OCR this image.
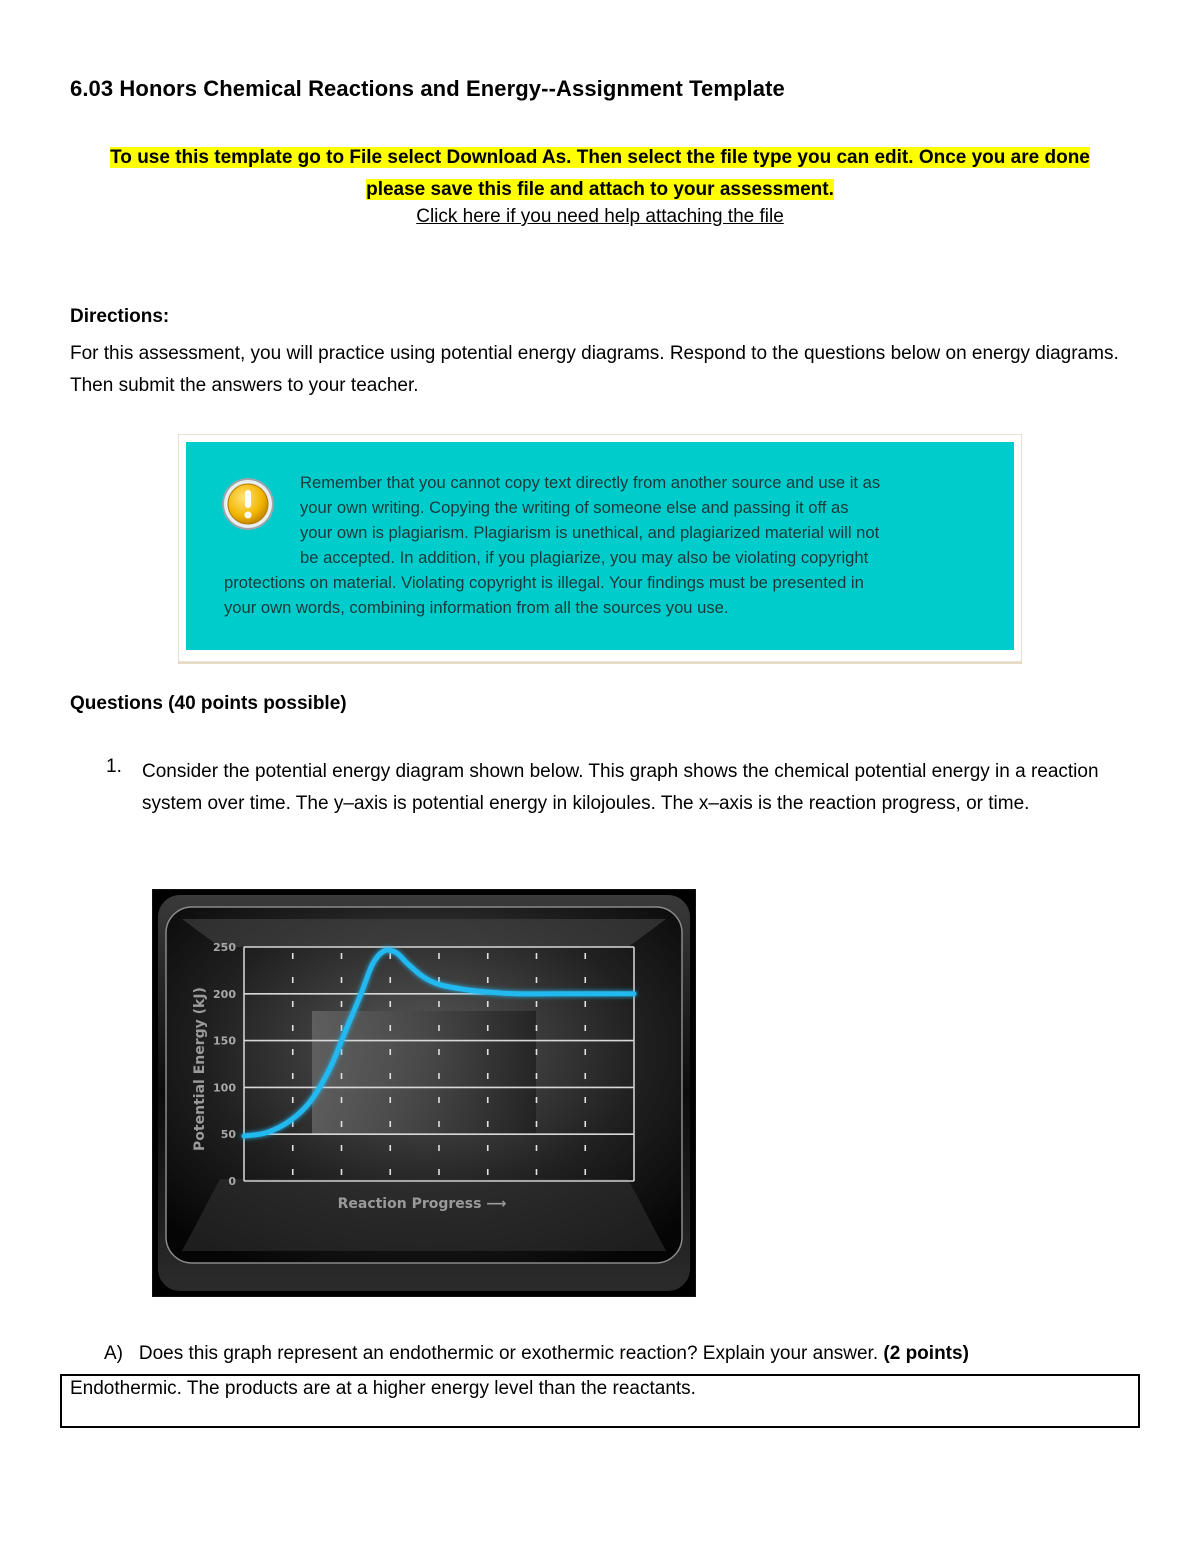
6.03 Honors Chemical Reactions and Energy--Assignment Template
To use this template go to File select Download As. Then select the file type you can edit. Once you are done
please save this file and attach to your assessment.
Click here if you need help attaching the file
Directions:
For this assessment, you will practice using potential energy diagrams. Respond to the questions below on energy diagrams. Then submit the answers to your teacher.
Remember that you cannot copy text directly from another source and use it as
your own writing. Copying the writing of someone else and passing it off as
your own is plagiarism. Plagiarism is unethical, and plagiarized material will not
be accepted. In addition, if you plagiarize, you may also be violating copyright
protections on material. Violating copyright is illegal. Your findings must be presented in
your own words, combining information from all the sources you use.
Questions (40 points possible)
1. Consider the potential energy diagram shown below. This graph shows the chemical potential energy in a reaction system over time. The y–axis is potential energy in kilojoules. The x–axis is the reaction progress, or time.
0
50
100
150
200
250
Potential Energy (kJ)
Reaction Progress ⟶
A) Does this graph represent an endothermic or exothermic reaction? Explain your answer. (2 points)
Endothermic. The products are at a higher energy level than the reactants.
